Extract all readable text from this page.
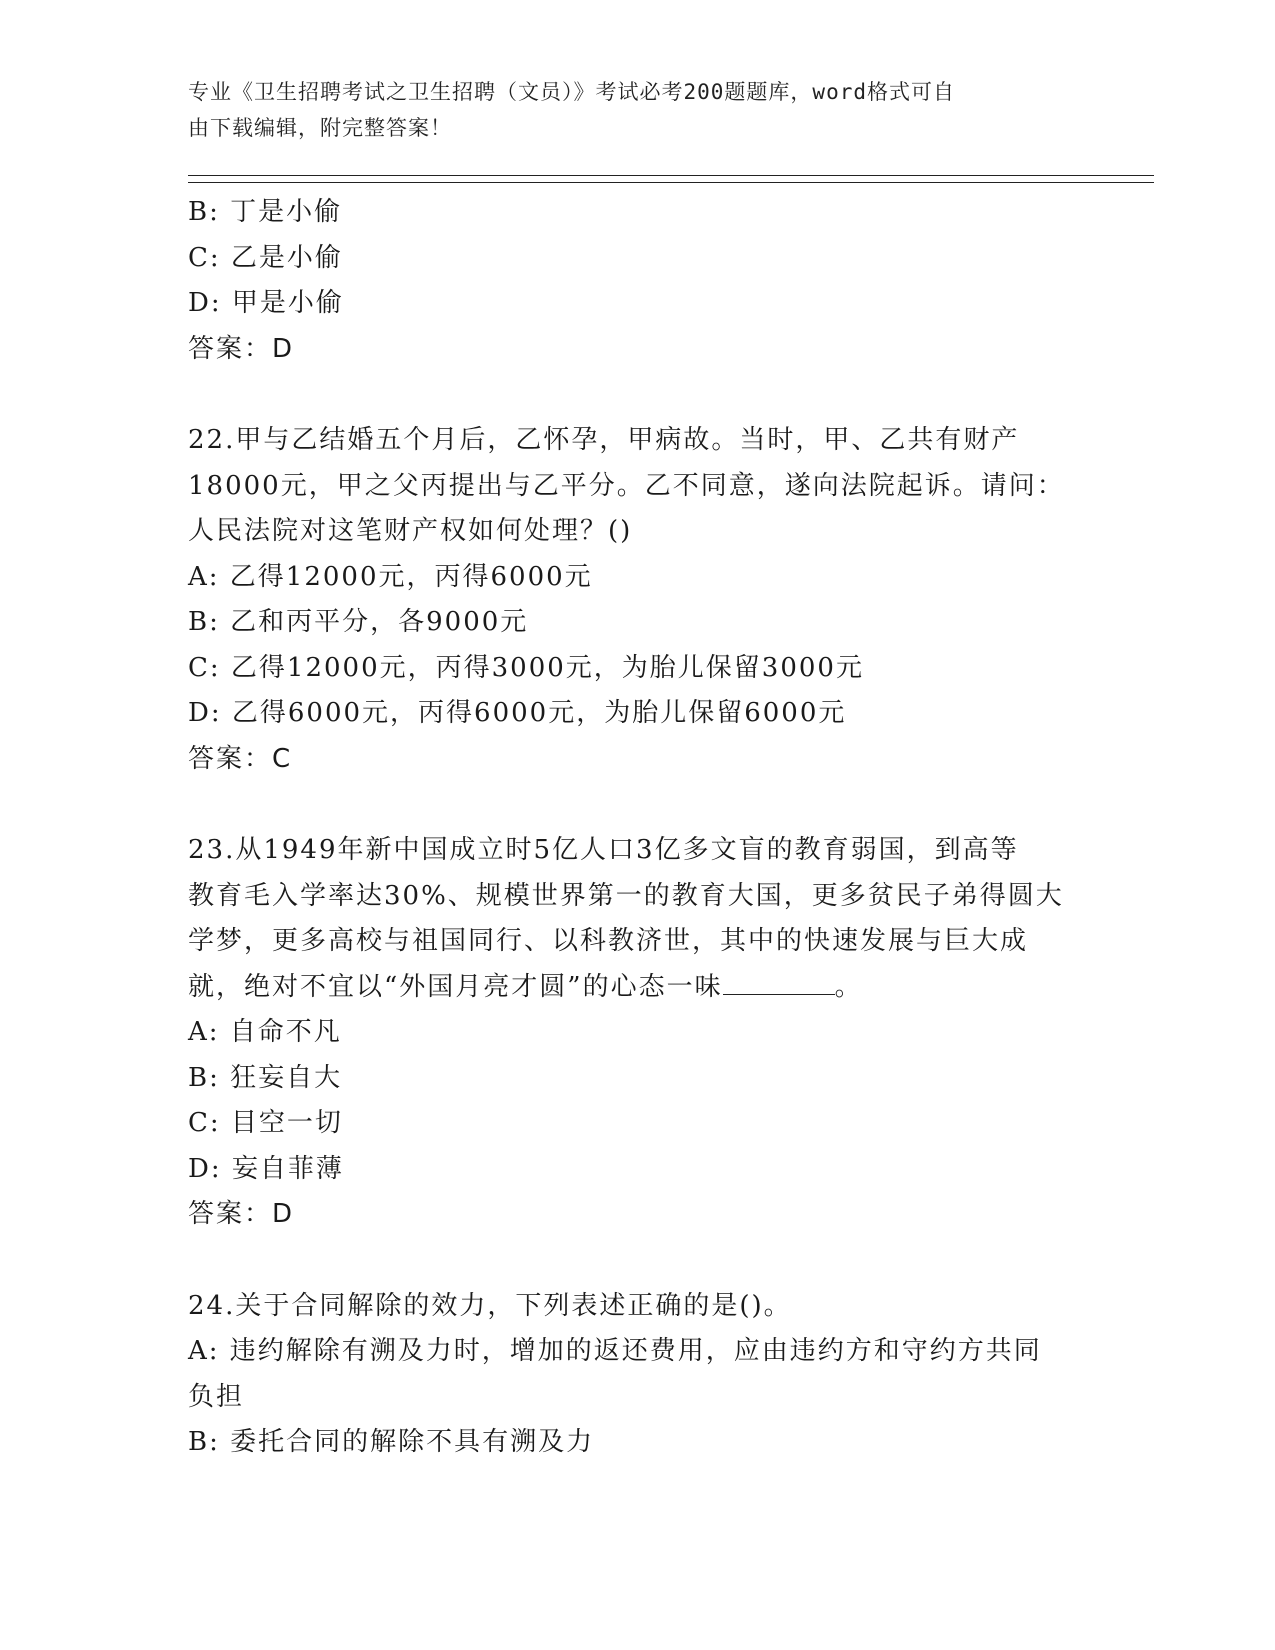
专业《卫生招聘考试之卫生招聘（文员）》考试必考200题题库，word格式可自
由下载编辑，附完整答案！
B: 丁是小偷
C: 乙是小偷
D: 甲是小偷
答案：D
22.甲与乙结婚五个月后，乙怀孕，甲病故。当时，甲、乙共有财产
18000元，甲之父丙提出与乙平分。乙不同意，遂向法院起诉。请问：
人民法院对这笔财产权如何处理？()
A: 乙得12000元，丙得6000元
B: 乙和丙平分，各9000元
C: 乙得12000元，丙得3000元，为胎儿保留3000元
D: 乙得6000元，丙得6000元，为胎儿保留6000元
答案：C
23.从1949年新中国成立时5亿人口3亿多文盲的教育弱国，到高等
教育毛入学率达30%、规模世界第一的教育大国，更多贫民子弟得圆大
学梦，更多高校与祖国同行、以科教济世，其中的快速发展与巨大成
就，绝对不宜以“外国月亮才圆”的心态一味	。
A: 自命不凡
B: 狂妄自大
C: 目空一切
D: 妄自菲薄
答案：D
24.关于合同解除的效力，下列表述正确的是()。
A: 违约解除有溯及力时，增加的返还费用，应由违约方和守约方共同
负担
B: 委托合同的解除不具有溯及力
